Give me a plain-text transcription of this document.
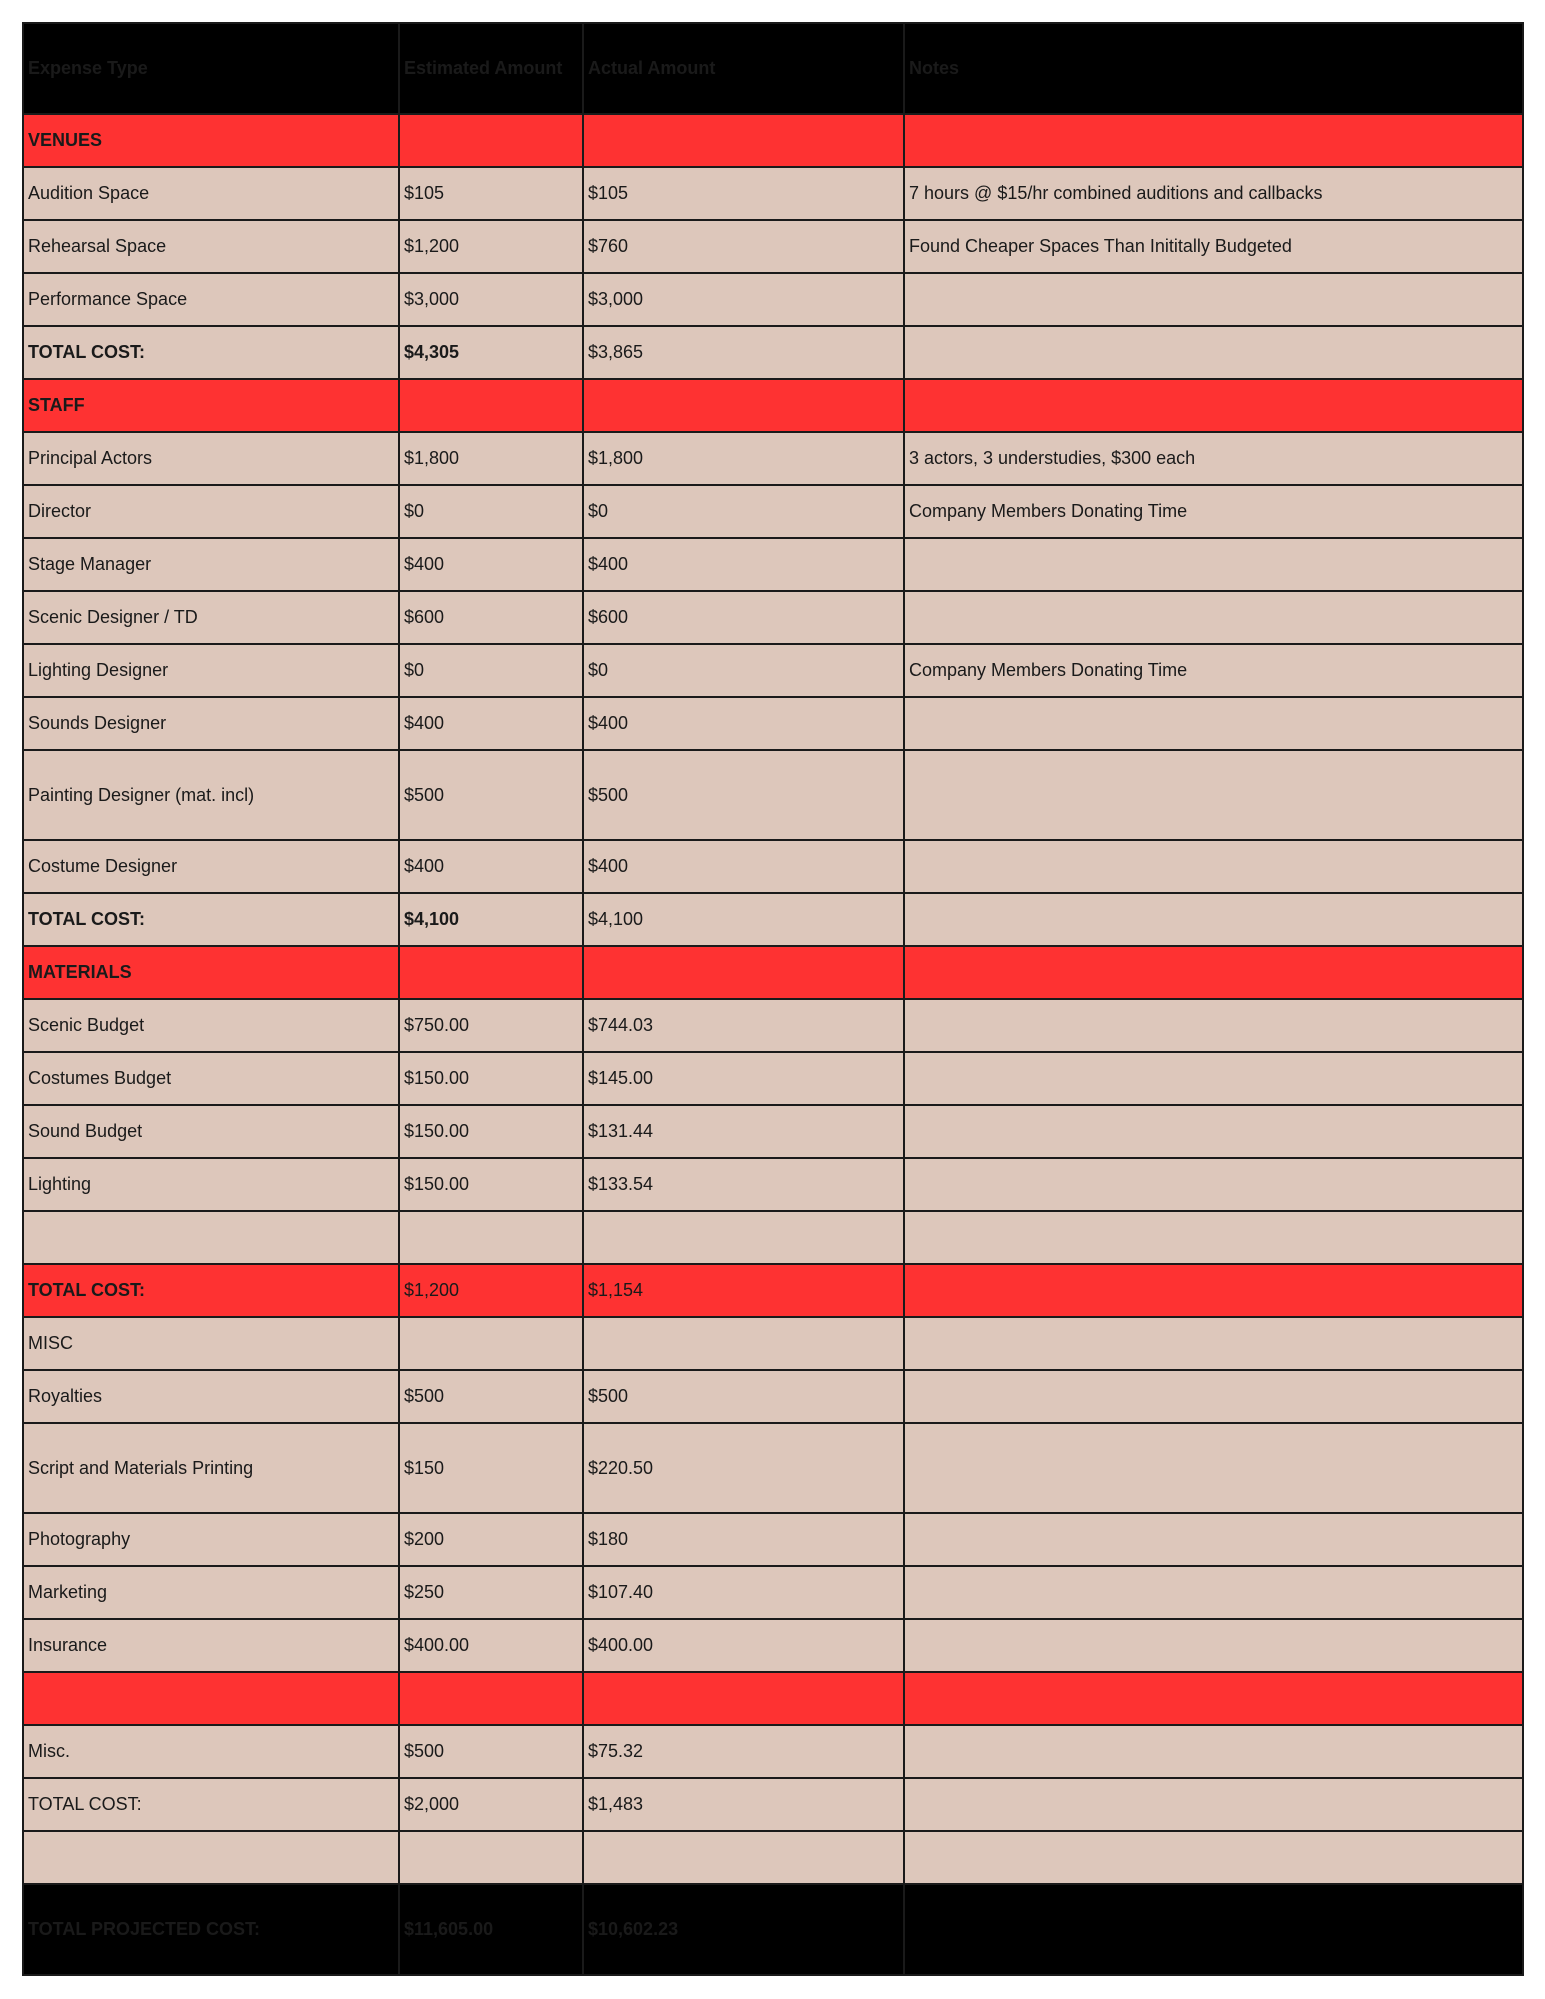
Expense Type	Estimated Amount	Actual Amount	Notes
VENUES			
Audition Space	$105	$105	7 hours @ $15/hr combined auditions and callbacks
Rehearsal Space	$1,200	$760	Found Cheaper Spaces Than Inititally Budgeted
Performance Space	$3,000	$3,000	
TOTAL COST:	$4,305	$3,865	
STAFF			
Principal Actors	$1,800	$1,800	3 actors, 3 understudies, $300 each
Director	$0	$0	Company Members Donating Time
Stage Manager	$400	$400	
Scenic Designer / TD	$600	$600	
Lighting Designer	$0	$0	Company Members Donating Time
Sounds Designer	$400	$400	
Painting Designer (mat. incl)	$500	$500	
Costume Designer	$400	$400	
TOTAL COST:	$4,100	$4,100	
MATERIALS			
Scenic Budget	$750.00	$744.03	
Costumes Budget	$150.00	$145.00	
Sound Budget	$150.00	$131.44	
Lighting	$150.00	$133.54	

TOTAL COST:	$1,200	$1,154	
MISC			
Royalties	$500	$500	
Script and Materials Printing	$150	$220.50	
Photography	$200	$180	
Marketing	$250	$107.40	
Insurance	$400.00	$400.00	

Misc.	$500	$75.32	
TOTAL COST:	$2,000	$1,483	

TOTAL PROJECTED COST:	$11,605.00	$10,602.23	
